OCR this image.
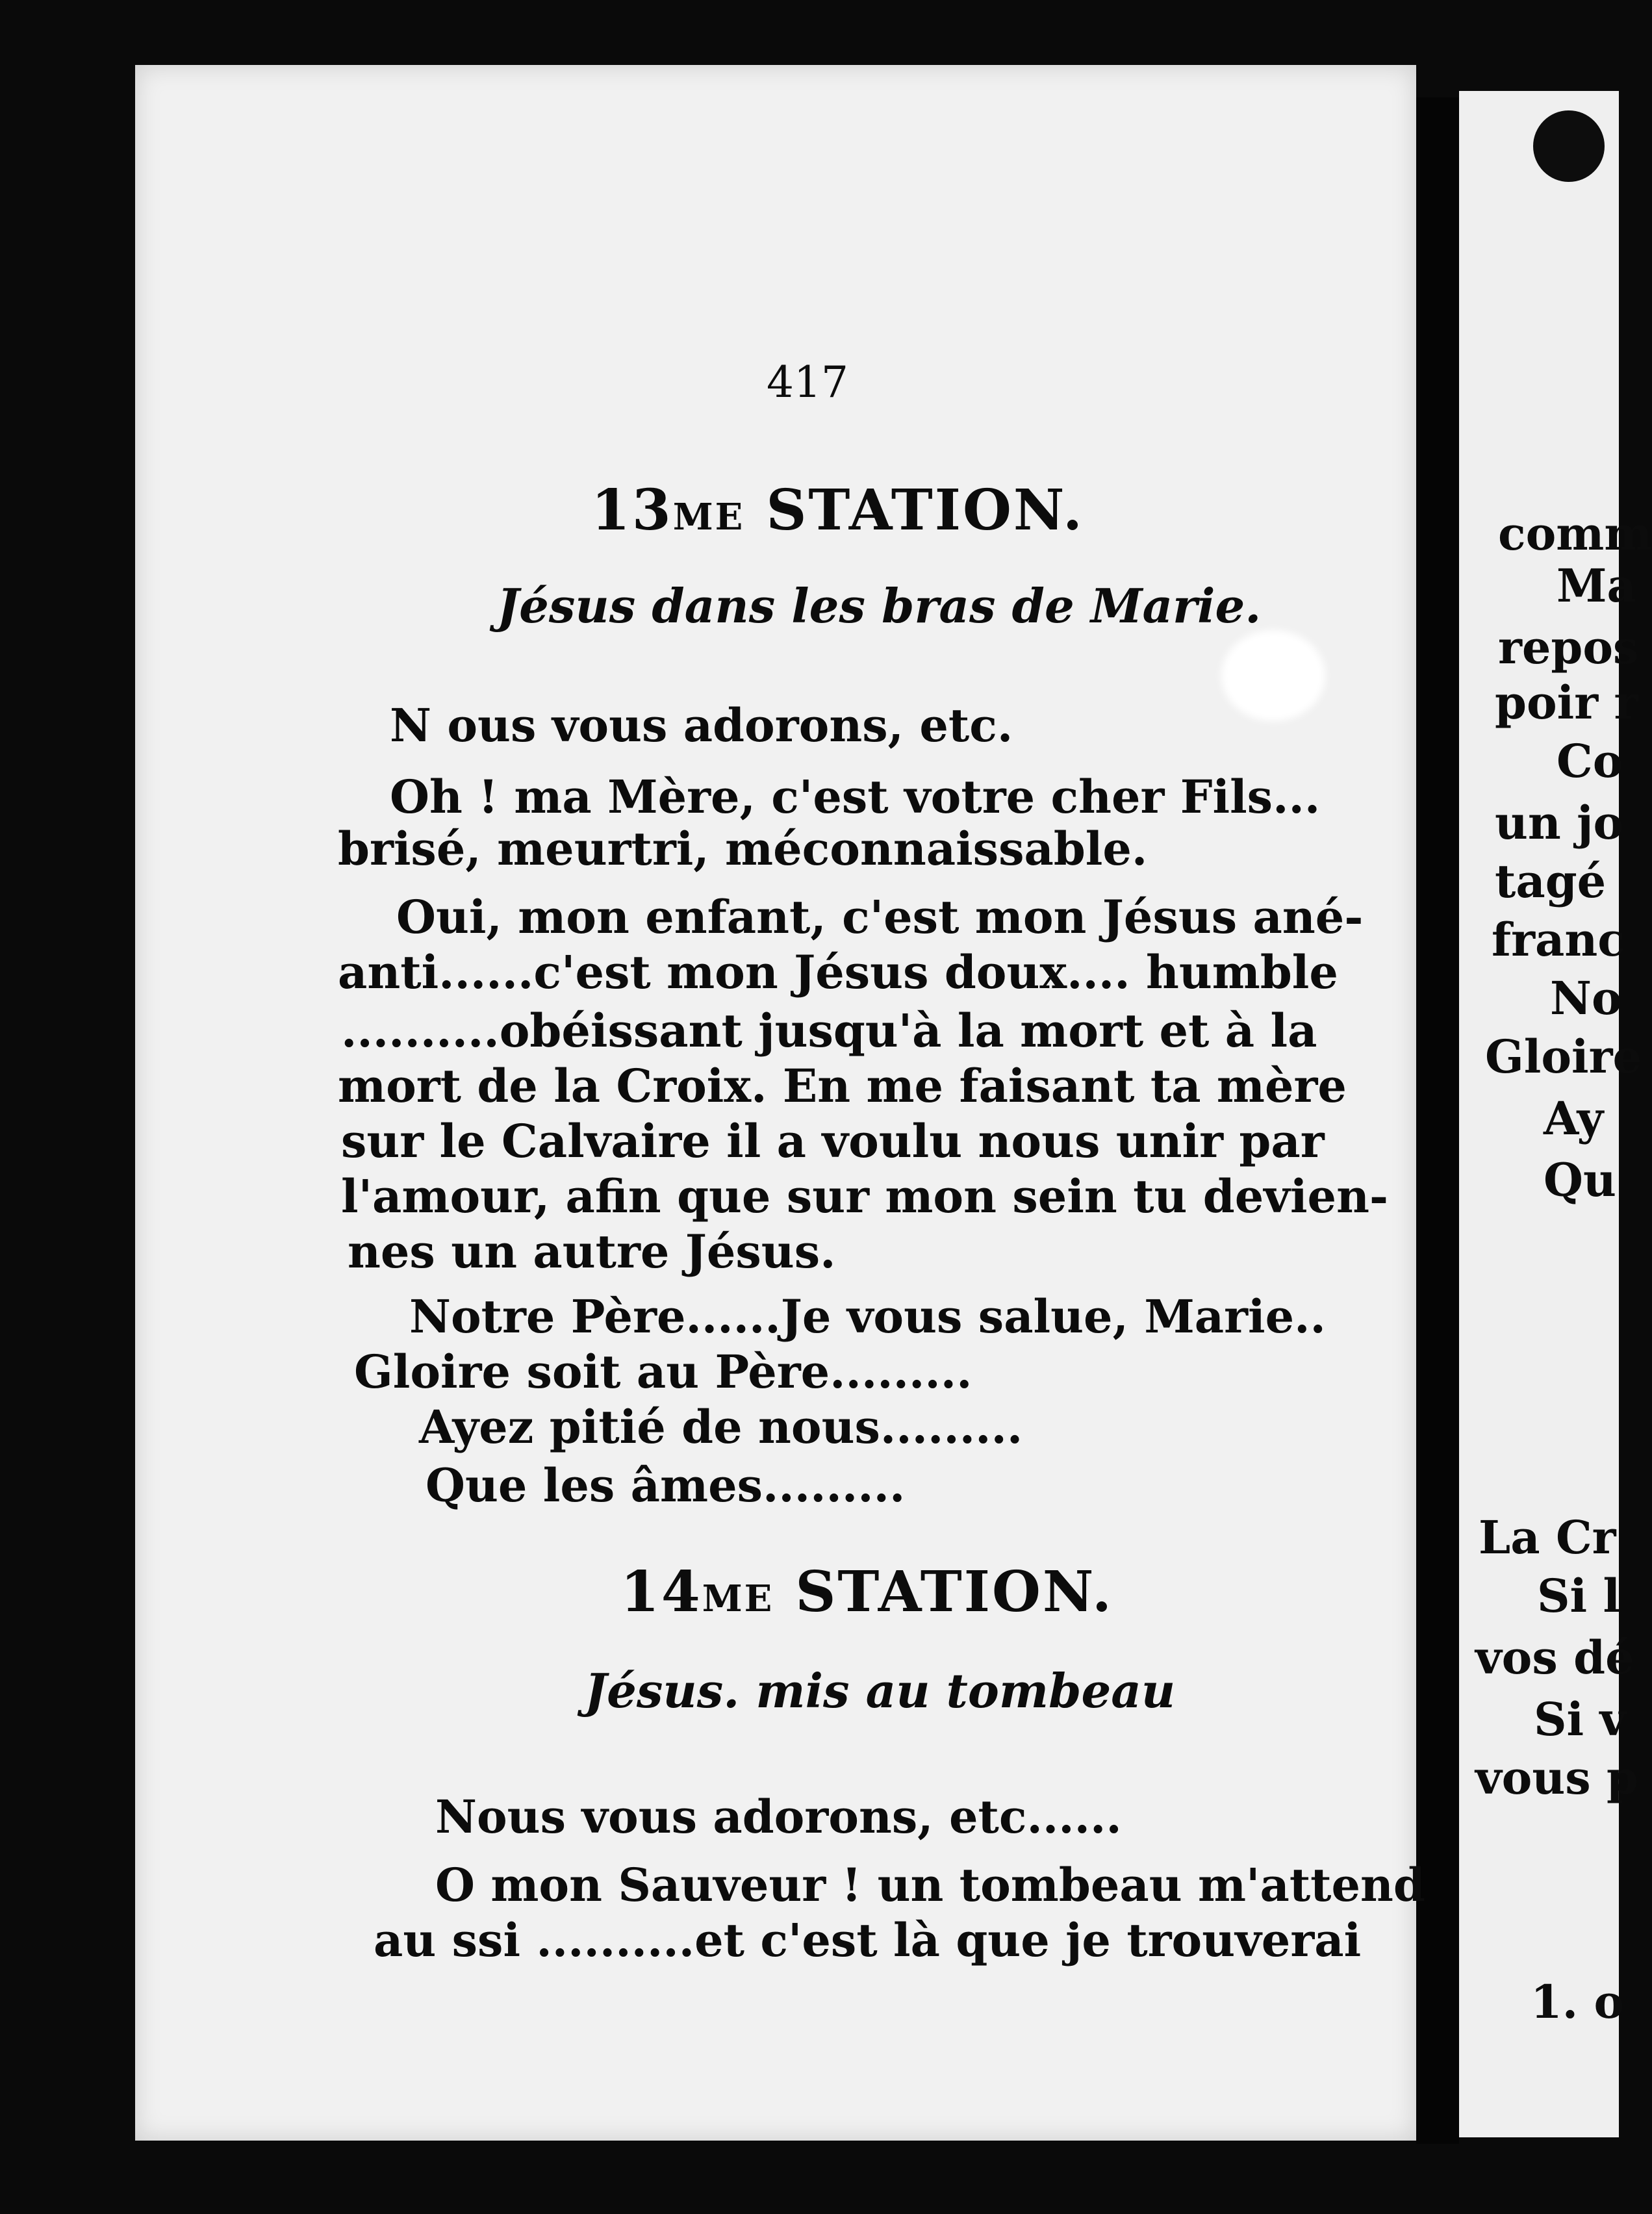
comm
Ma
repos
poir r
Co
un jo
tagé
franc
No
Gloire
Ay
Qu
La Cr
Si l
vos dé
Si v
vous p
1. o
417
13ME STATION.
Jésus dans les bras de Marie.
N ous vous adorons, etc.
Oh ! ma Mère, c'est votre cher Fils...
brisé, meurtri, méconnaissable.
Oui, mon enfant, c'est mon Jésus ané-
anti......c'est mon Jésus doux.... humble
..........obéissant jusqu'à la mort et à la
mort de la Croix. En me faisant ta mère
sur le Calvaire il a voulu nous unir par
l'amour, afin que sur mon sein tu devien-
nes un autre Jésus.
Notre Père......Je vous salue, Marie..
Gloire soit au Père.........
Ayez pitié de nous.........
Que les âmes.........
14ME STATION.
Jésus. mis au tombeau
Nous vous adorons, etc......
O mon Sauveur ! un tombeau m'attend
au ssi ..........et c'est là que je trouverai
